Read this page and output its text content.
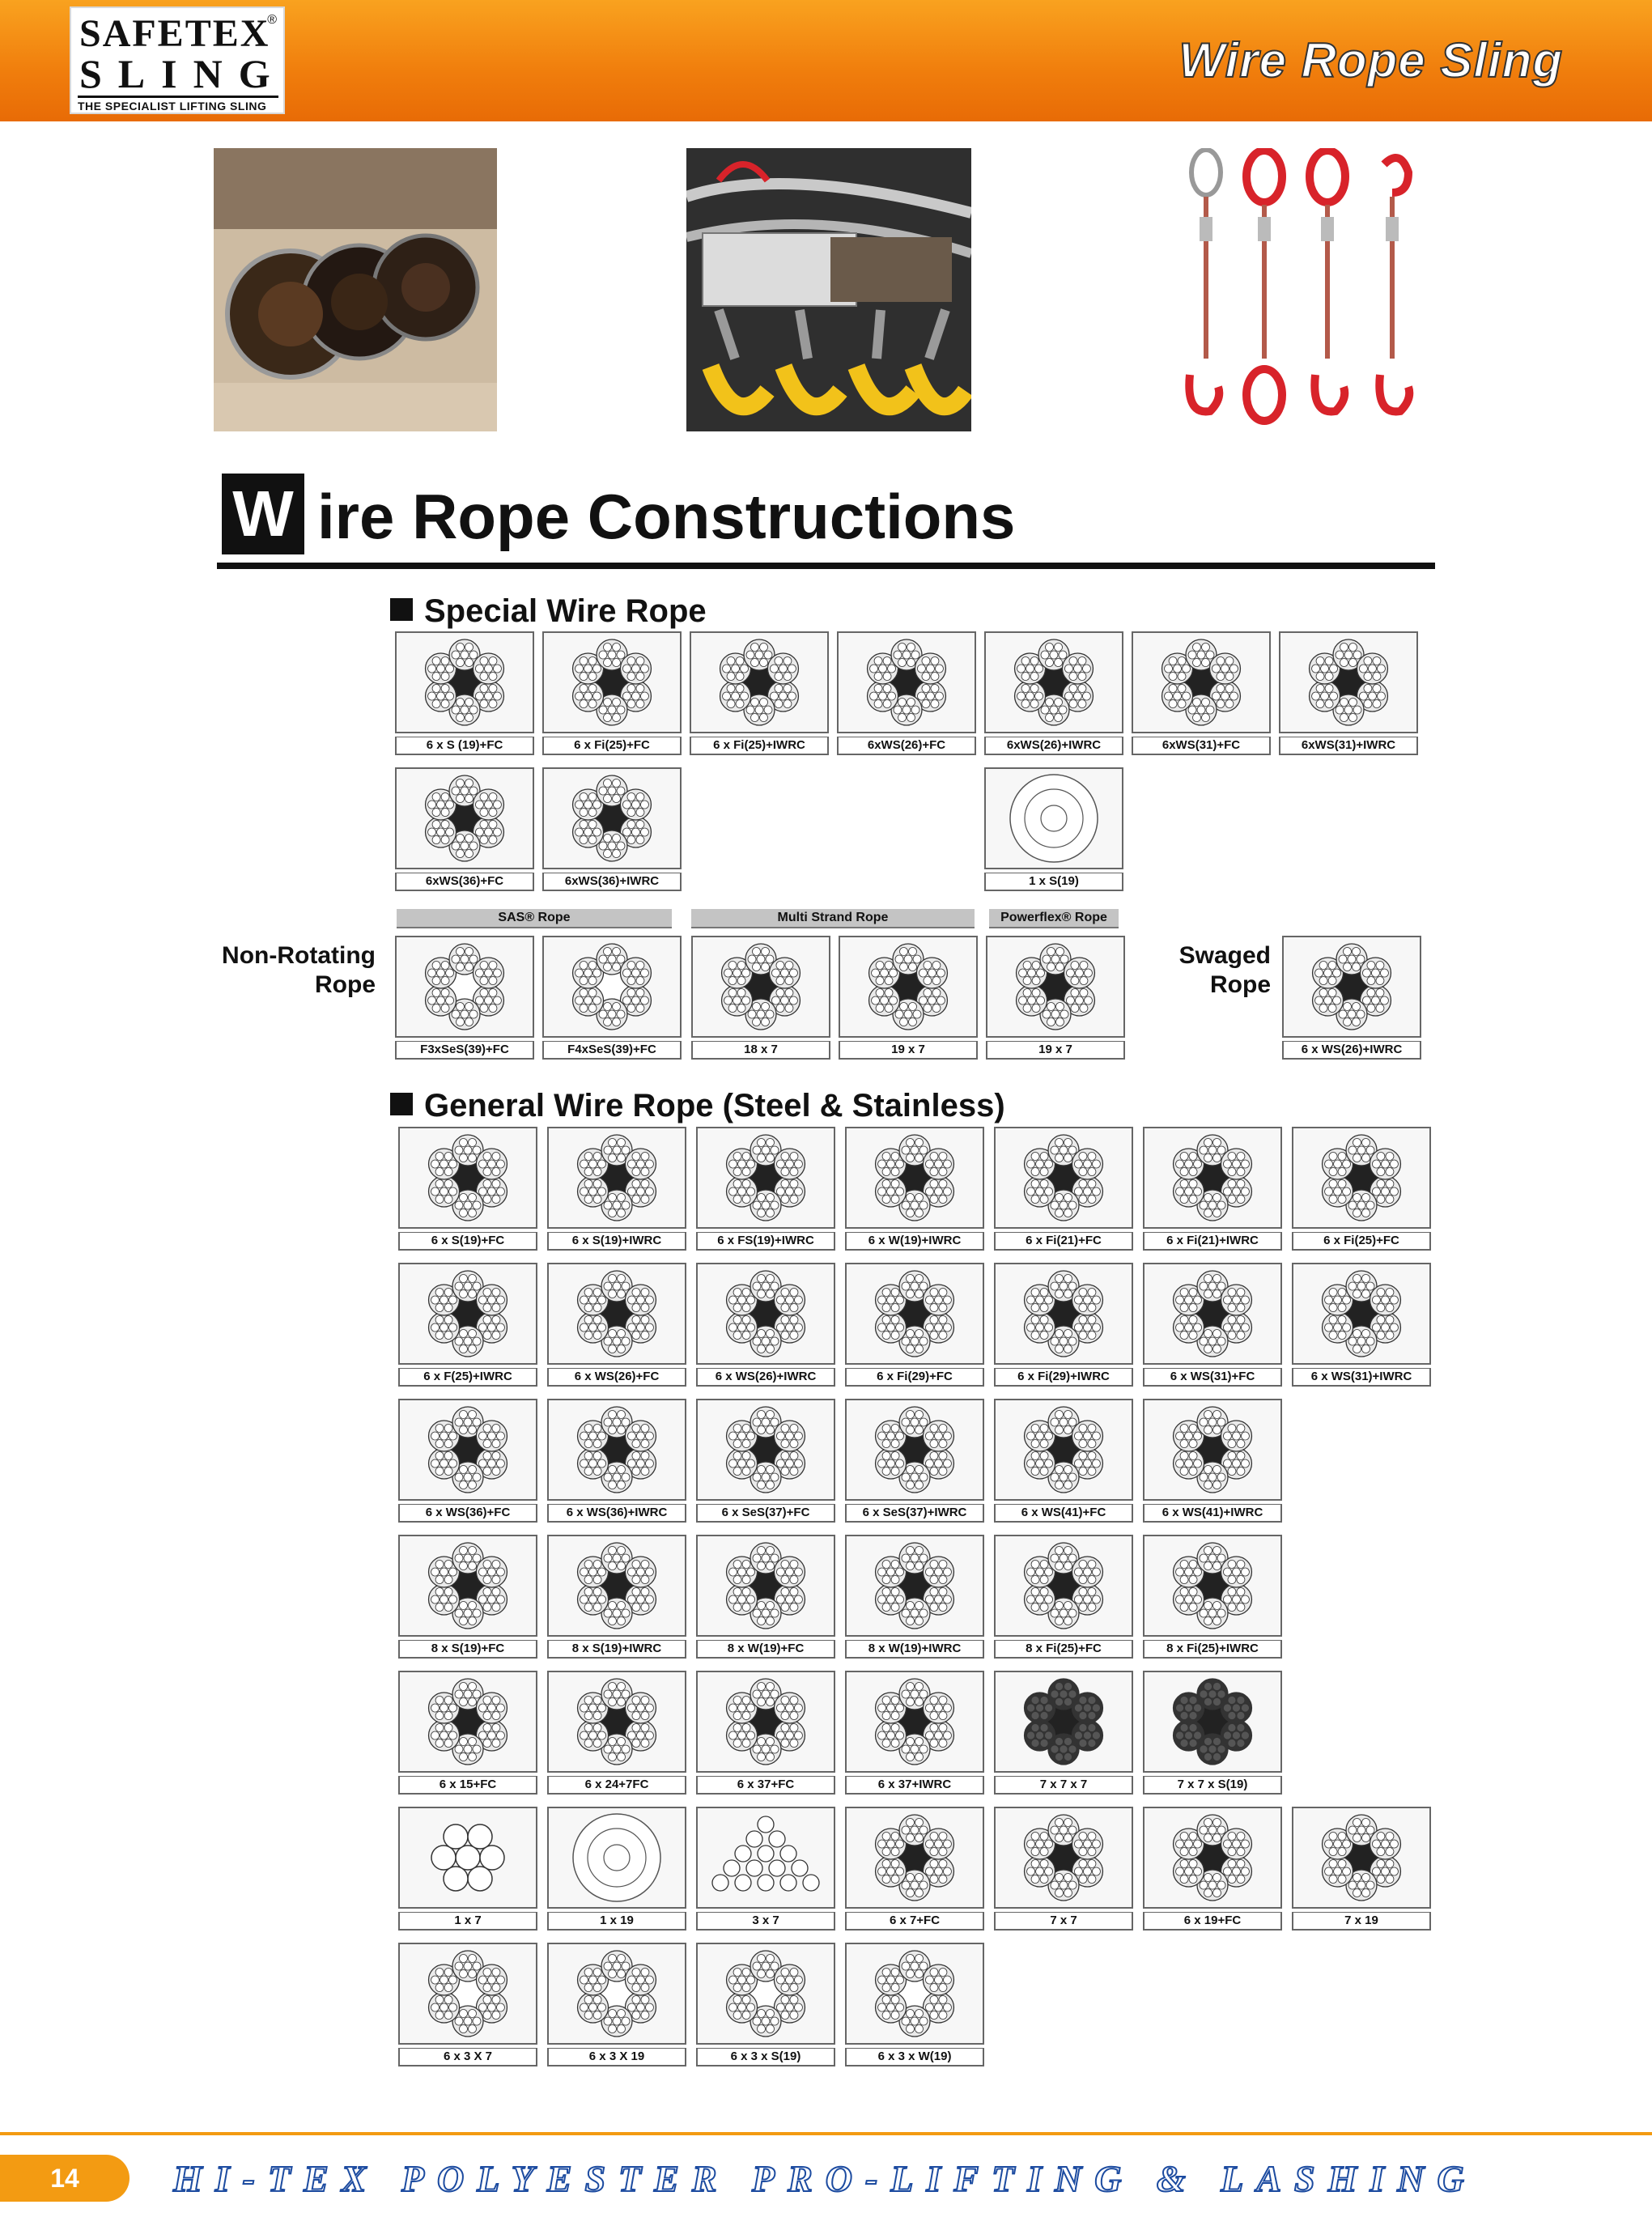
SAFETEX
®
SLING
THE SPECIALIST LIFTING SLING
Wire Rope Sling
W ire Rope Constructions
Special Wire Rope
SAS® Rope	Multi Strand Rope	Powerflex® Rope
Non-Rotating
Rope
Swaged
Rope
General Wire Rope (Steel & Stainless)
6 x S (19)+FC	6 x Fi(25)+FC	6 x Fi(25)+IWRC	6xWS(26)+FC	6xWS(26)+IWRC	6xWS(31)+FC	6xWS(31)+IWRC
6xWS(36)+FC	6xWS(36)+IWRC	1 x S(19)
F3xSeS(39)+FC	F4xSeS(39)+FC	18 x 7	19 x 7	19 x 7	6 x WS(26)+IWRC
6 x S(19)+FC	6 x S(19)+IWRC	6 x FS(19)+IWRC	6 x W(19)+IWRC	6 x Fi(21)+FC	6 x Fi(21)+IWRC	6 x Fi(25)+FC
6 x F(25)+IWRC	6 x WS(26)+FC	6 x WS(26)+IWRC	6 x Fi(29)+FC	6 x Fi(29)+IWRC	6 x WS(31)+FC	6 x WS(31)+IWRC
6 x WS(36)+FC	6 x WS(36)+IWRC	6 x SeS(37)+FC	6 x SeS(37)+IWRC	6 x WS(41)+FC	6 x WS(41)+IWRC
8 x S(19)+FC	8 x S(19)+IWRC	8 x W(19)+FC	8 x W(19)+IWRC	8 x Fi(25)+FC	8 x Fi(25)+IWRC
6 x 15+FC	6 x 24+7FC	6 x 37+FC	6 x 37+IWRC	7 x 7 x 7	7 x 7 x S(19)
1 x 7	1 x 19	3 x 7	6 x 7+FC	7 x 7	6 x 19+FC	7 x 19
6 x 3 X 7	6 x 3 X 19	6 x 3 x S(19)	6 x 3 x W(19)
14	HI-TEX POLYESTER PRO-LIFTING & LASHING
